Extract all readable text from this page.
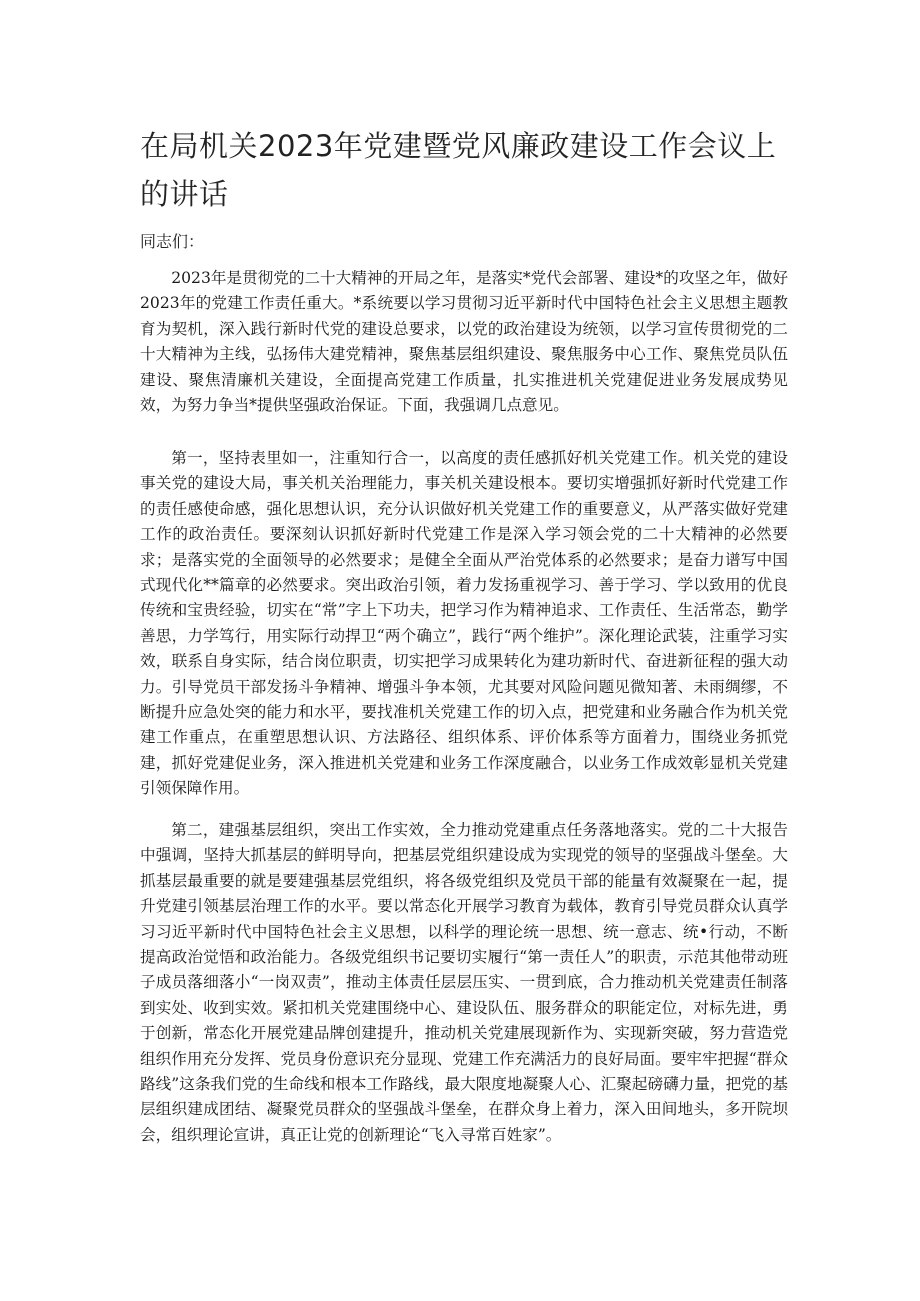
在局机关2023年党建暨党风廉政建设工作会议上的讲话

同志们：

2023年是贯彻党的二十大精神的开局之年，是落实*党代会部署、建设*的攻坚之年，做好2023年的党建工作责任重大。*系统要以学习贯彻习近平新时代中国特色社会主义思想主题教育为契机，深入践行新时代党的建设总要求，以党的政治建设为统领，以学习宣传贯彻党的二十大精神为主线，弘扬伟大建党精神，聚焦基层组织建设、聚焦服务中心工作、聚焦党员队伍建设、聚焦清廉机关建设，全面提高党建工作质量，扎实推进机关党建促进业务发展成势见效，为努力争当*提供坚强政治保证。下面，我强调几点意见。

第一，坚持表里如一，注重知行合一，以高度的责任感抓好机关党建工作。机关党的建设事关党的建设大局，事关机关治理能力，事关机关建设根本。要切实增强抓好新时代党建工作的责任感使命感，强化思想认识，充分认识做好机关党建工作的重要意义，从严落实做好党建工作的政治责任。要深刻认识抓好新时代党建工作是深入学习领会党的二十大精神的必然要求；是落实党的全面领导的必然要求；是健全全面从严治党体系的必然要求；是奋力谱写中国式现代化**篇章的必然要求。突出政治引领，着力发扬重视学习、善于学习、学以致用的优良传统和宝贵经验，切实在“常”字上下功夫，把学习作为精神追求、工作责任、生活常态，勤学善思，力学笃行，用实际行动捍卫“两个确立”，践行“两个维护”。深化理论武装，注重学习实效，联系自身实际，结合岗位职责，切实把学习成果转化为建功新时代、奋进新征程的强大动力。引导党员干部发扬斗争精神、增强斗争本领，尤其要对风险问题见微知著、未雨绸缪，不断提升应急处突的能力和水平，要找准机关党建工作的切入点，把党建和业务融合作为机关党建工作重点，在重塑思想认识、方法路径、组织体系、评价体系等方面着力，围绕业务抓党建，抓好党建促业务，深入推进机关党建和业务工作深度融合，以业务工作成效彰显机关党建引领保障作用。

第二，建强基层组织，突出工作实效，全力推动党建重点任务落地落实。党的二十大报告中强调，坚持大抓基层的鲜明导向，把基层党组织建设成为实现党的领导的坚强战斗堡垒。大抓基层最重要的就是要建强基层党组织，将各级党组织及党员干部的能量有效凝聚在一起，提升党建引领基层治理工作的水平。要以常态化开展学习教育为载体，教育引导党员群众认真学习习近平新时代中国特色社会主义思想，以科学的理论统一思想、统一意志、统•行动，不断提高政治觉悟和政治能力。各级党组织书记要切实履行“第一责任人”的职责，示范其他带动班子成员落细落小“一岗双责”，推动主体责任层层压实、一贯到底，合力推动机关党建责任制落到实处、收到实效。紧扣机关党建围绕中心、建设队伍、服务群众的职能定位，对标先进，勇于创新，常态化开展党建品牌创建提升，推动机关党建展现新作为、实现新突破，努力营造党组织作用充分发挥、党员身份意识充分显现、党建工作充满活力的良好局面。要牢牢把握“群众路线”这条我们党的生命线和根本工作路线，最大限度地凝聚人心、汇聚起磅礴力量，把党的基层组织建成团结、凝聚党员群众的坚强战斗堡垒，在群众身上着力，深入田间地头，多开院坝会，组织理论宣讲，真正让党的创新理论“飞入寻常百姓家”。
